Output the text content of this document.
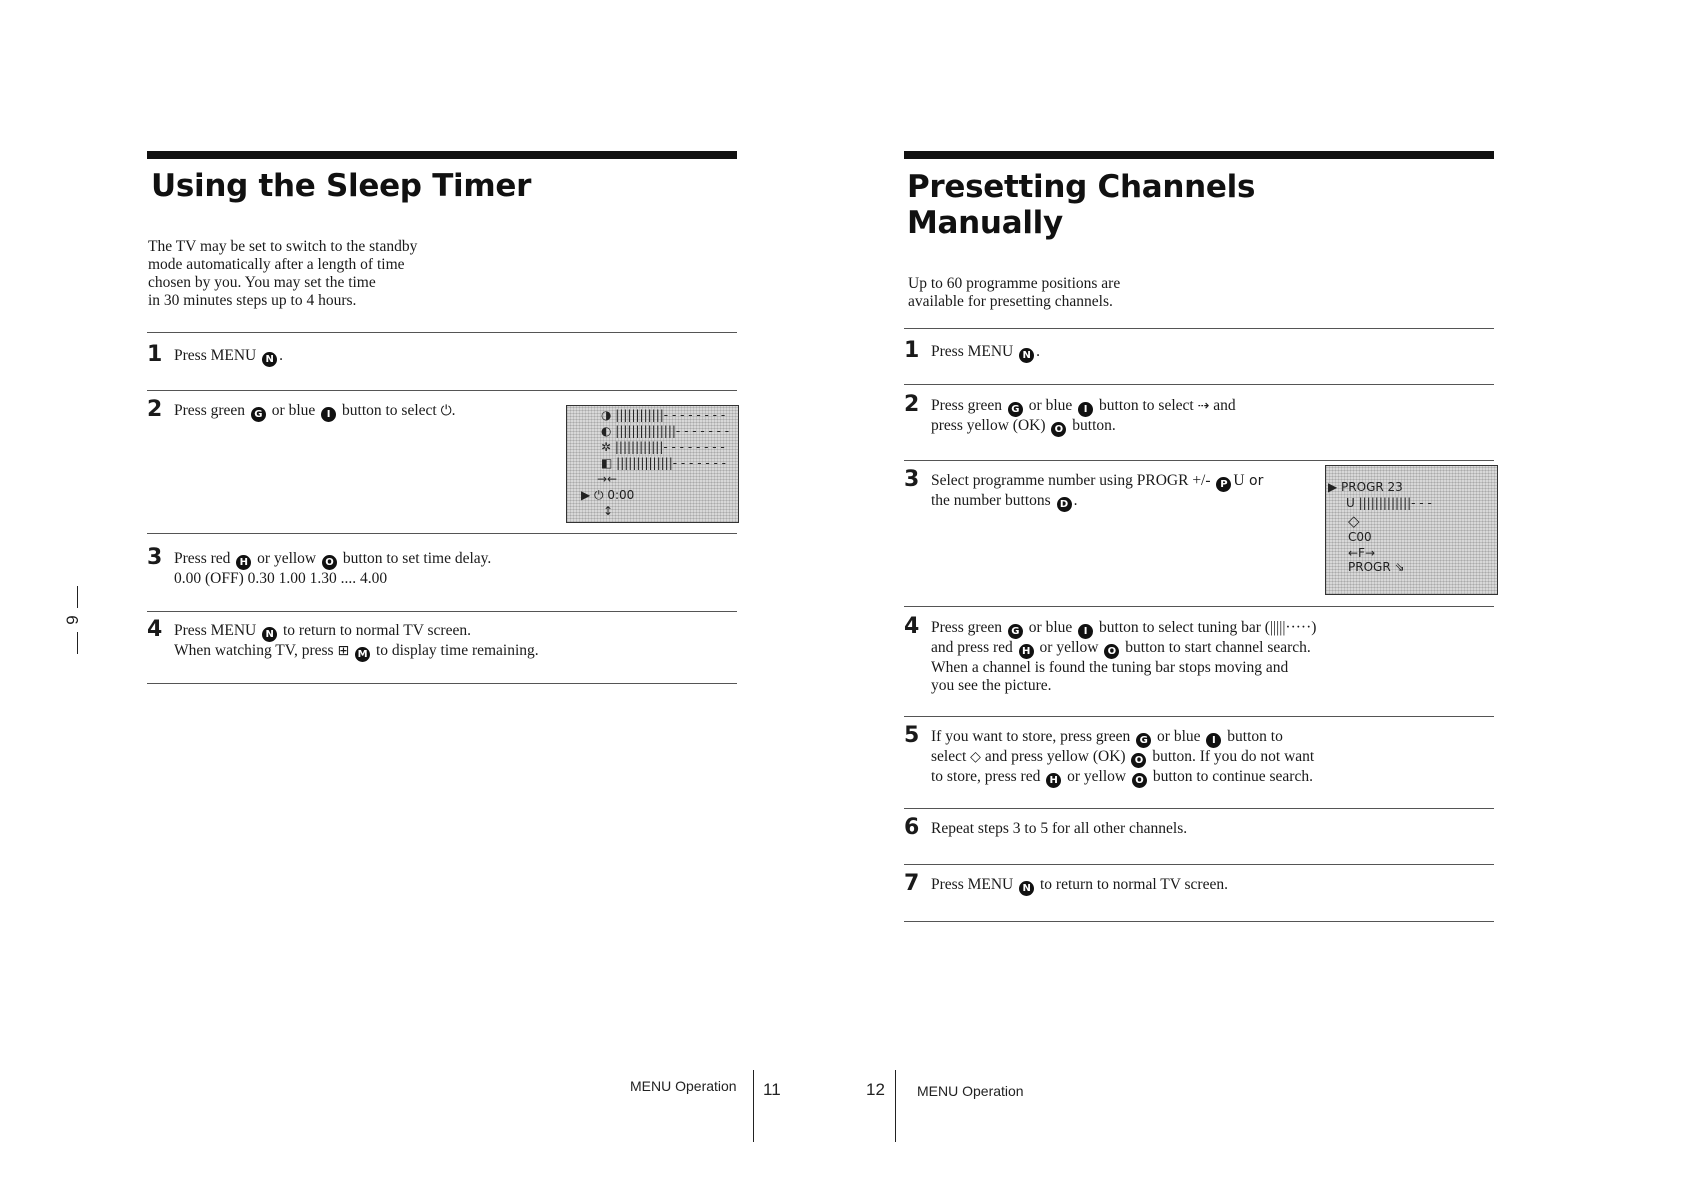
Using the Sleep Timer
The TV may be set to switch to the standby
mode automatically after a length of time
chosen by you. You may set the time
in 30 minutes steps up to 4 hours.
1 Press MENU N .
2 Press green G or blue I button to select ⏻.	◑ ||||||||||||- - - - - - - -
◐ |||||||||||||||- - - - - - -
✲ ||||||||||||- - - - - - - -
◧ ||||||||||||||- - - - - - -
→←
▶ ⏻ 0:00
↕
3 Press red H or yellow O button to set time delay.
0.00 (OFF) 0.30 1.00 1.30 .... 4.00
4 Press MENU N to return to normal TV screen.
When watching TV, press ⊞ M to display time remaining.
6
Presetting Channels
Manually
Up to 60 programme positions are
available for presetting channels.
1 Press MENU N .
2 Press green G or blue I button to select ⇢ and
press yellow (OK) O button.
3 Select programme number using PROGR +/- P U or
the number buttons D .
▶ PROGR 23
U |||||||||||||- - -
◇
C00
←F→
PROGR ⇘
4 Press green G or blue I button to select tuning bar (|||||·····)
and press red H or yellow O button to start channel search.
When a channel is found the tuning bar stops moving and
you see the picture.
5 If you want to store, press green G or blue I button to
select ◇ and press yellow (OK) O button. If you do not want
to store, press red H or yellow O button to continue search.
6 Repeat steps 3 to 5 for all other channels.
7 Press MENU N to return to normal TV screen.
MENU Operation 11	12 MENU Operation
